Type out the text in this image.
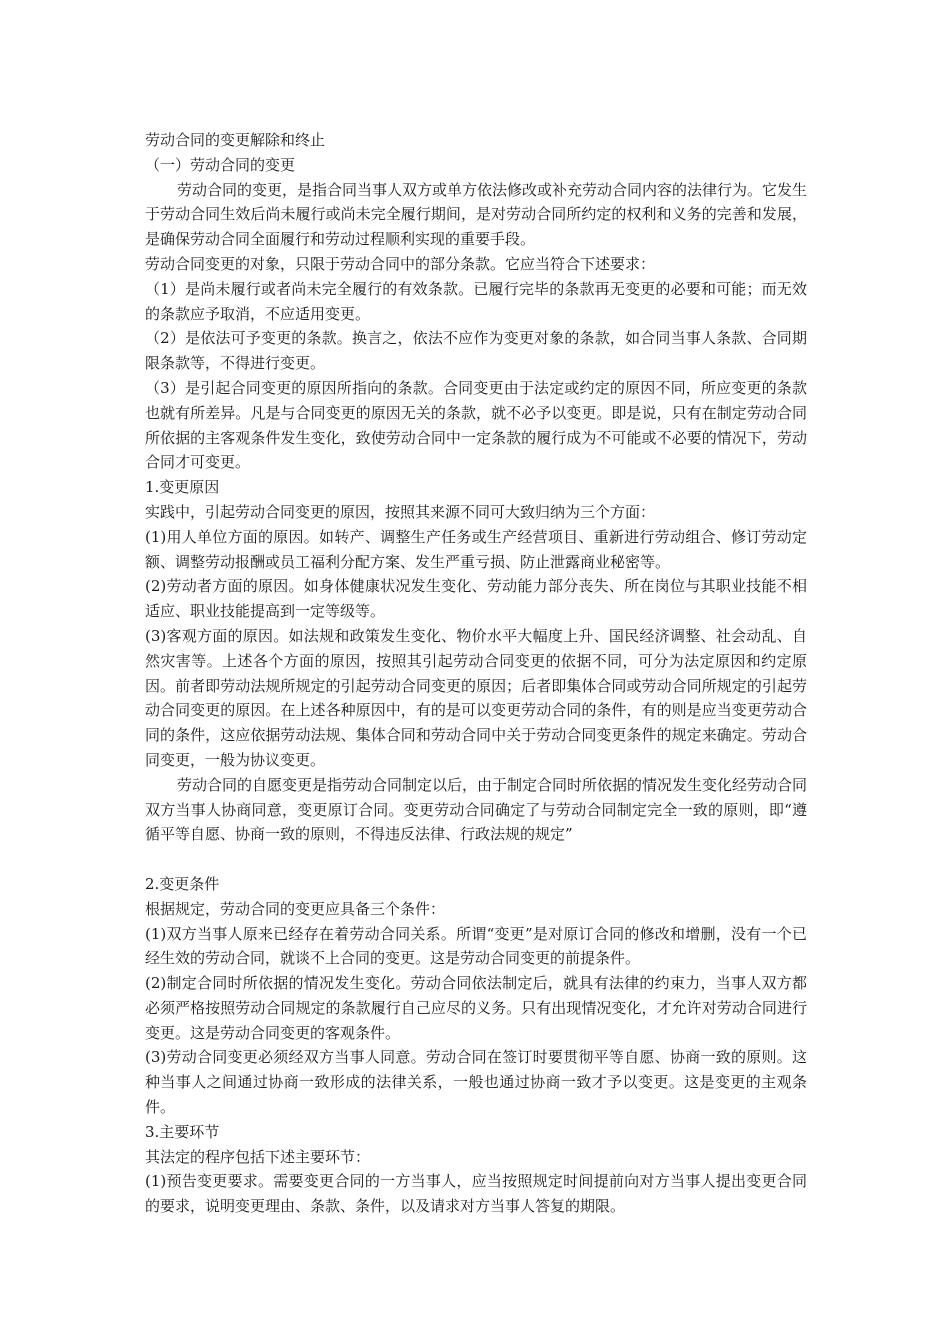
劳动合同的变更解除和终止

（一）劳动合同的变更

劳动合同的变更，是指合同当事人双方或单方依法修改或补充劳动合同内容的法律行为。它发生于劳动合同生效后尚未履行或尚未完全履行期间，是对劳动合同所约定的权利和义务的完善和发展，是确保劳动合同全面履行和劳动过程顺利实现的重要手段。

劳动合同变更的对象，只限于劳动合同中的部分条款。它应当符合下述要求：

（1）是尚未履行或者尚未完全履行的有效条款。已履行完毕的条款再无变更的必要和可能；而无效的条款应予取消，不应适用变更。

（2）是依法可予变更的条款。换言之，依法不应作为变更对象的条款，如合同当事人条款、合同期限条款等，不得进行变更。

（3）是引起合同变更的原因所指向的条款。合同变更由于法定或约定的原因不同，所应变更的条款也就有所差异。凡是与合同变更的原因无关的条款，就不必予以变更。即是说，只有在制定劳动合同所依据的主客观条件发生变化，致使劳动合同中一定条款的履行成为不可能或不必要的情况下，劳动合同才可变更。

1.变更原因

实践中，引起劳动合同变更的原因，按照其来源不同可大致归纳为三个方面：

(1)用人单位方面的原因。如转产、调整生产任务或生产经营项目、重新进行劳动组合、修订劳动定额、调整劳动报酬或员工福利分配方案、发生严重亏损、防止泄露商业秘密等。

(2)劳动者方面的原因。如身体健康状况发生变化、劳动能力部分丧失、所在岗位与其职业技能不相适应、职业技能提高到一定等级等。

(3)客观方面的原因。如法规和政策发生变化、物价水平大幅度上升、国民经济调整、社会动乱、自然灾害等。上述各个方面的原因，按照其引起劳动合同变更的依据不同，可分为法定原因和约定原因。前者即劳动法规所规定的引起劳动合同变更的原因；后者即集体合同或劳动合同所规定的引起劳动合同变更的原因。在上述各种原因中，有的是可以变更劳动合同的条件，有的则是应当变更劳动合同的条件，这应依据劳动法规、集体合同和劳动合同中关于劳动合同变更条件的规定来确定。劳动合同变更，一般为协议变更。

劳动合同的自愿变更是指劳动合同制定以后，由于制定合同时所依据的情况发生变化经劳动合同双方当事人协商同意，变更原订合同。变更劳动合同确定了与劳动合同制定完全一致的原则，即“遵循平等自愿、协商一致的原则，不得违反法律、行政法规的规定”

2.变更条件

根据规定，劳动合同的变更应具备三个条件：

(1)双方当事人原来已经存在着劳动合同关系。所谓“变更”是对原订合同的修改和增删，没有一个已经生效的劳动合同，就谈不上合同的变更。这是劳动合同变更的前提条件。

(2)制定合同时所依据的情况发生变化。劳动合同依法制定后，就具有法律的约束力，当事人双方都必须严格按照劳动合同规定的条款履行自己应尽的义务。只有出现情况变化，才允许对劳动合同进行变更。这是劳动合同变更的客观条件。

(3)劳动合同变更必须经双方当事人同意。劳动合同在签订时要贯彻平等自愿、协商一致的原则。这种当事人之间通过协商一致形成的法律关系，一般也通过协商一致才予以变更。这是变更的主观条件。

3.主要环节

其法定的程序包括下述主要环节：

(1)预告变更要求。需要变更合同的一方当事人，应当按照规定时间提前向对方当事人提出变更合同的要求，说明变更理由、条款、条件，以及请求对方当事人答复的期限。
